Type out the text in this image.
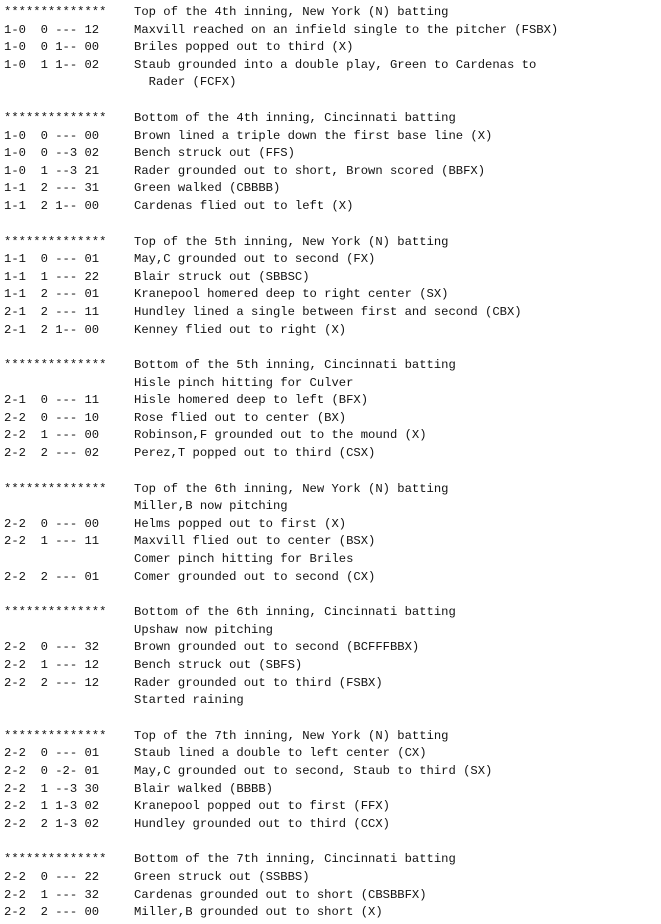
**************	Top of the 4th inning, New York (N) batting
1-0  0 --- 12	Maxvill reached on an infield single to the pitcher (FSBX)
1-0  0 1-- 00	Briles popped out to third (X)
1-0  1 1-- 02	Staub grounded into a double play, Green to Cardenas to
Rader (FCFX)
**************	Bottom of the 4th inning, Cincinnati batting
1-0  0 --- 00	Brown lined a triple down the first base line (X)
1-0  0 --3 02	Bench struck out (FFS)
1-0  1 --3 21	Rader grounded out to short, Brown scored (BBFX)
1-1  2 --- 31	Green walked (CBBBB)
1-1  2 1-- 00	Cardenas flied out to left (X)
**************	Top of the 5th inning, New York (N) batting
1-1  0 --- 01	May,C grounded out to second (FX)
1-1  1 --- 22	Blair struck out (SBBSC)
1-1  2 --- 01	Kranepool homered deep to right center (SX)
2-1  2 --- 11	Hundley lined a single between first and second (CBX)
2-1  2 1-- 00	Kenney flied out to right (X)
**************	Bottom of the 5th inning, Cincinnati batting
Hisle pinch hitting for Culver
2-1  0 --- 11	Hisle homered deep to left (BFX)
2-2  0 --- 10	Rose flied out to center (BX)
2-2  1 --- 00	Robinson,F grounded out to the mound (X)
2-2  2 --- 02	Perez,T popped out to third (CSX)
**************	Top of the 6th inning, New York (N) batting
Miller,B now pitching
2-2  0 --- 00	Helms popped out to first (X)
2-2  1 --- 11	Maxvill flied out to center (BSX)
Comer pinch hitting for Briles
2-2  2 --- 01	Comer grounded out to second (CX)
**************	Bottom of the 6th inning, Cincinnati batting
Upshaw now pitching
2-2  0 --- 32	Brown grounded out to second (BCFFFBBX)
2-2  1 --- 12	Bench struck out (SBFS)
2-2  2 --- 12	Rader grounded out to third (FSBX)
Started raining
**************	Top of the 7th inning, New York (N) batting
2-2  0 --- 01	Staub lined a double to left center (CX)
2-2  0 -2- 01	May,C grounded out to second, Staub to third (SX)
2-2  1 --3 30	Blair walked (BBBB)
2-2  1 1-3 02	Kranepool popped out to first (FFX)
2-2  2 1-3 02	Hundley grounded out to third (CCX)
**************	Bottom of the 7th inning, Cincinnati batting
2-2  0 --- 22	Green struck out (SSBBS)
2-2  1 --- 32	Cardenas grounded out to short (CBSBBFX)
2-2  2 --- 00	Miller,B grounded out to short (X)
